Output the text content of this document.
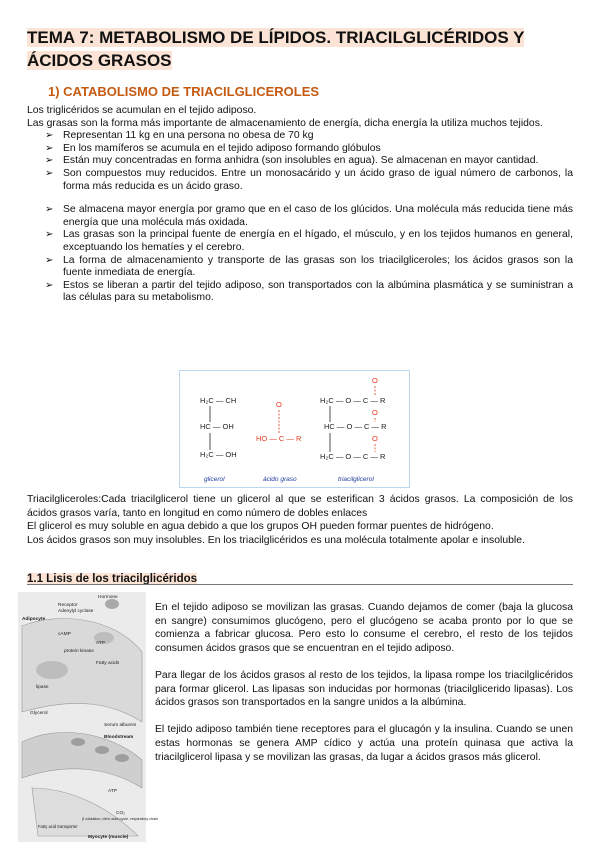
TEMA 7: METABOLISMO DE LÍPIDOS. TRIACILGLICÉRIDOS Y ÁCIDOS GRASOS
1) CATABOLISMO DE TRIACILGLICEROLES

Los triglicéridos se acumulan en el tejido adiposo.

Las grasas son la forma más importante de almacenamiento de energía, dicha energía la utiliza muchos tejidos.

➢ Representan 11 kg en una persona no obesa de 70 kg
➢ En los mamíferos se acumula en el tejido adiposo formando glóbulos
➢ Están muy concentradas en forma anhidra (son insolubles en agua). Se almacenan en mayor cantidad.
➢ Son compuestos muy reducidos. Entre un monosacárido y un ácido graso de igual número de carbonos, la forma más reducida es un ácido graso.
➢ Se almacena mayor energía por gramo que en el caso de los glúcidos. Una molécula más reducida tiene más energía que una molécula más oxidada.
➢ Las grasas son la principal fuente de energía en el hígado, el músculo, y en los tejidos humanos en general, exceptuando los hematíes y el cerebro.
➢ La forma de almacenamiento y transporte de las grasas son los triacilgliceroles; los ácidos grasos son la fuente inmediata de energía.
➢ Estos se liberan a partir del tejido adiposo, son transportados con la albúmina plasmática y se suministran a las células para su metabolismo.
H₂C — CH
HC — OH
H₂C — OH
O
HO — C — R
O
O
O
H₂C — O — C — R
HC — O — C — R
H₂C — O — C — R
glicerol	ácido graso	triacilglicerol

Triacilgliceroles:Cada triacilglicerol tiene un glicerol al que se esterifican 3 ácidos grasos. La composición de los ácidos grasos varía, tanto en longitud en como número de dobles enlaces

El glicerol es muy soluble en agua debido a que los grupos OH pueden formar puentes de hidrógeno.

Los ácidos grasos son muy insolubles. En los triacilglicéridos es una molécula totalmente apolar e insoluble.

1.1 Lisis de los triacilglicéridos
Hormone
Receptor
Adenylyl cyclase
Adipocyte
cAMP
ATP
protein kinase
Fatty acids
lipase
Glycerol
Serum albumin
Bloodstream
ATP
CO₂
β oxidation, citric acid cycle, respiratory chain
Fatty acid transporter
Myocyte (muscle)

En el tejido adiposo se movilizan las grasas. Cuando dejamos de comer (baja la glucosa en sangre) consumimos glucógeno, pero el glucógeno se acaba pronto por lo que se comienza a fabricar glucosa. Pero esto lo consume el cerebro, el resto de los tejidos consumen ácidos grasos que se encuentran en el tejido adiposo.

Para llegar de los ácidos grasos al resto de los tejidos, la lipasa rompe los triacilglicéridos para formar glicerol. Las lipasas son inducidas por hormonas (triacilglicerido lipasas). Los ácidos grasos son transportados en la sangre unidos a la albúmina.

El tejido adiposo también tiene receptores para el glucagón y la insulina. Cuando se unen estas hormonas se genera AMP cídico y actúa una proteín quinasa que activa la triacilglicerol lipasa y se movilizan las grasas, da lugar a ácidos grasos más glicerol.
